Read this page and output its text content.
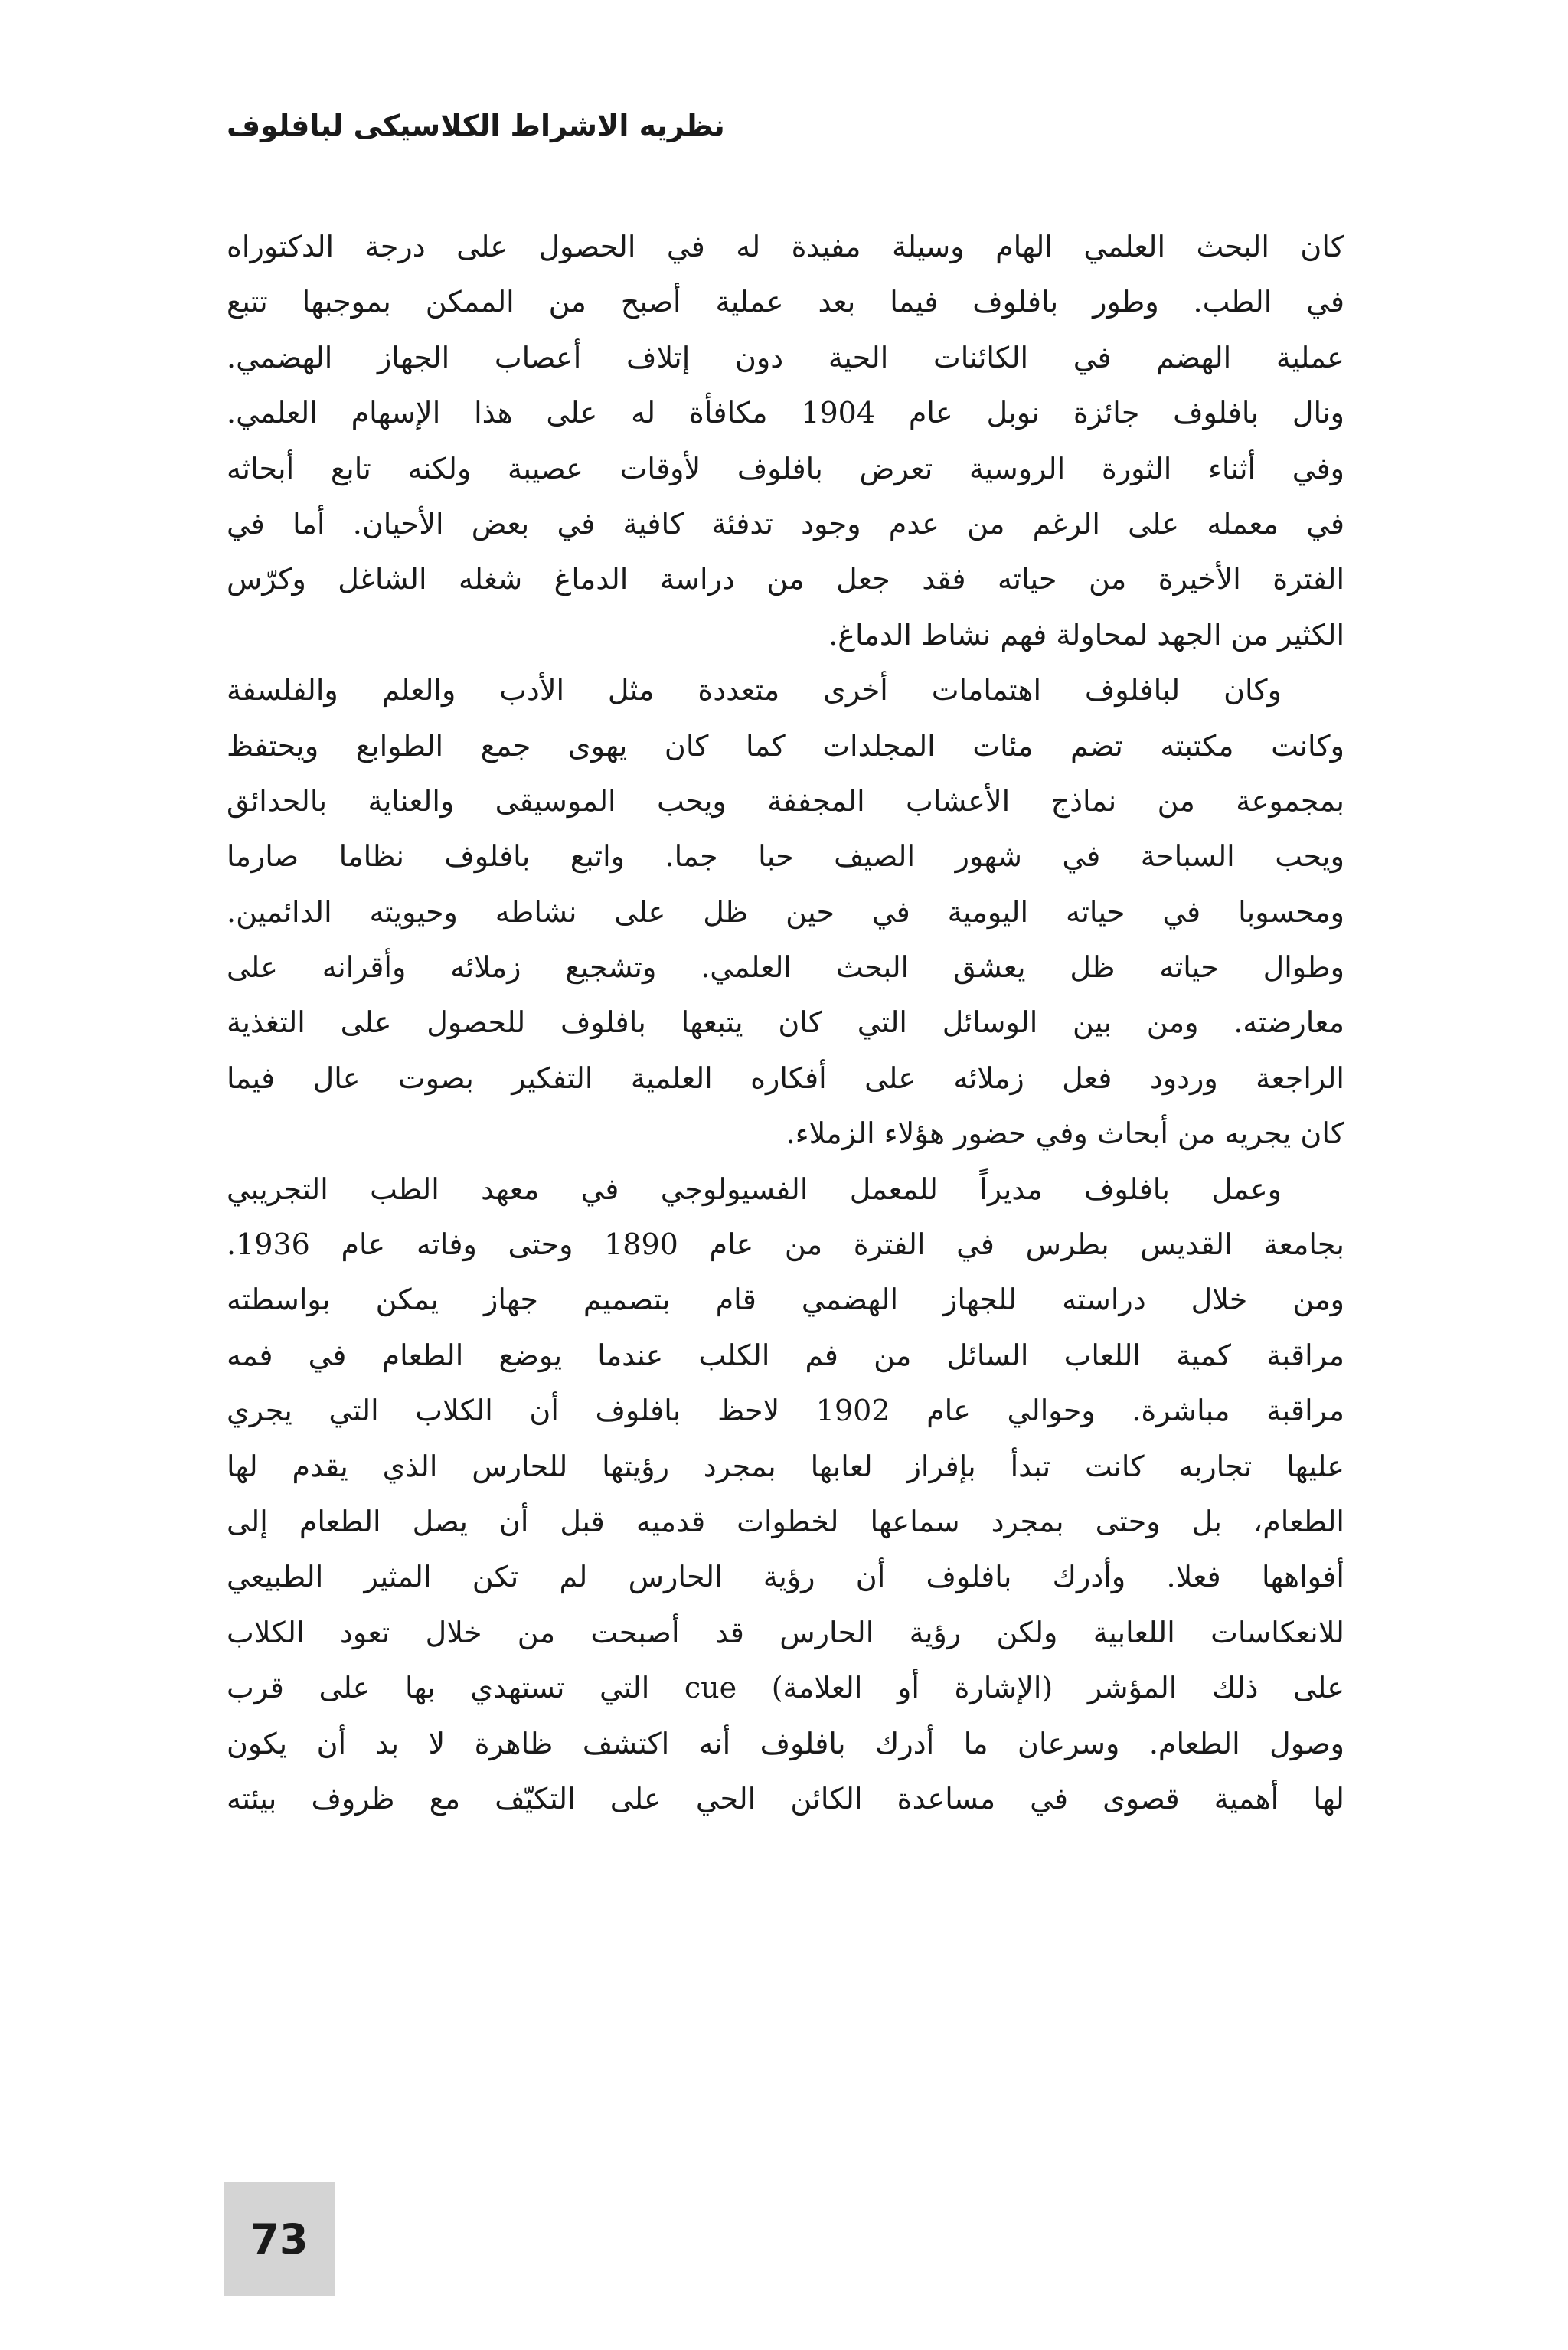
نظريه الاشراط الكلاسيكى لبافلوف
كان البحث العلمي الهام وسيلة مفيدة له في الحصول على درجة الدكتوراه
في الطب. وطور بافلوف فيما بعد عملية أصبح من الممكن بموجبها تتبع
عملية الهضم في الكائنات الحية دون إتلاف أعصاب الجهاز الهضمي.
ونال بافلوف جائزة نوبل عام 1904 مكافأة له على هذا الإسهام العلمي.
وفي أثناء الثورة الروسية تعرض بافلوف لأوقات عصيبة ولكنه تابع أبحاثه
في معمله على الرغم من عدم وجود تدفئة كافية في بعض الأحيان. أما في
الفترة الأخيرة من حياته فقد جعل من دراسة الدماغ شغله الشاغل وكرّس
الكثير من الجهد لمحاولة فهم نشاط الدماغ.
وكان لبافلوف اهتمامات أخرى متعددة مثل الأدب والعلم والفلسفة
وكانت مكتبته تضم مئات المجلدات كما كان يهوى جمع الطوابع ويحتفظ
بمجموعة من نماذج الأعشاب المجففة ويحب الموسيقى والعناية بالحدائق
ويحب السباحة في شهور الصيف حبا جما. واتبع بافلوف نظاما صارما
ومحسوبا في حياته اليومية في حين ظل على نشاطه وحيويته الدائمين.
وطوال حياته ظل يعشق البحث العلمي. وتشجيع زملائه وأقرانه على
معارضته. ومن بين الوسائل التي كان يتبعها بافلوف للحصول على التغذية
الراجعة وردود فعل زملائه على أفكاره العلمية التفكير بصوت عال فيما
كان يجريه من أبحاث وفي حضور هؤلاء الزملاء.
وعمل بافلوف مديراً للمعمل الفسيولوجي في معهد الطب التجريبي
بجامعة القديس بطرس في الفترة من عام 1890 وحتى وفاته عام 1936.
ومن خلال دراسته للجهاز الهضمي قام بتصميم جهاز يمكن بواسطته
مراقبة كمية اللعاب السائل من فم الكلب عندما يوضع الطعام في فمه
مراقبة مباشرة. وحوالي عام 1902 لاحظ بافلوف أن الكلاب التي يجري
عليها تجاربه كانت تبدأ بإفراز لعابها بمجرد رؤيتها للحارس الذي يقدم لها
الطعام، بل وحتى بمجرد سماعها لخطوات قدميه قبل أن يصل الطعام إلى
أفواهها فعلا. وأدرك بافلوف أن رؤية الحارس لم تكن المثير الطبيعي
للانعكاسات اللعابية ولكن رؤية الحارس قد أصبحت من خلال تعود الكلاب
على ذلك المؤشر (الإشارة أو العلامة) cue التي تستهدي بها على قرب
وصول الطعام. وسرعان ما أدرك بافلوف أنه اكتشف ظاهرة لا بد أن يكون
لها أهمية قصوى في مساعدة الكائن الحي على التكيّف مع ظروف بيئته
73
